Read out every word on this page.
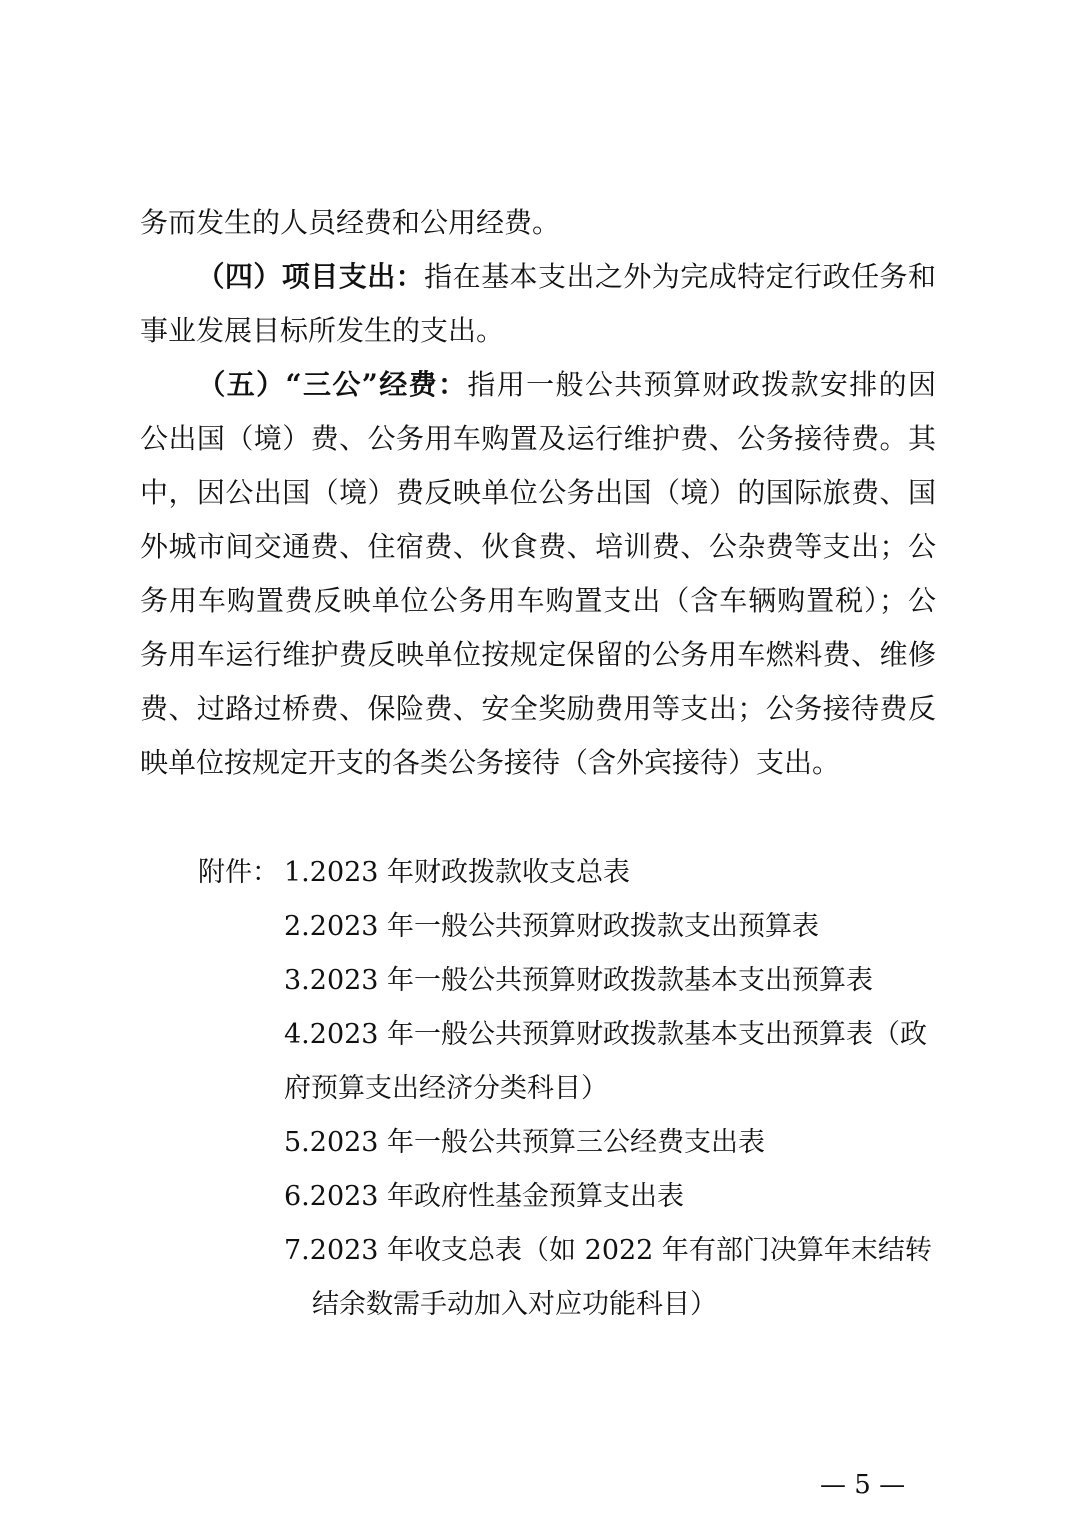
务而发生的人员经费和公用经费。
（四）项目支出：指在基本支出之外为完成特定行政任务和
事业发展目标所发生的支出。
（五）“三公”经费：指用一般公共预算财政拨款安排的因
公出国（境）费、公务用车购置及运行维护费、公务接待费。其
中，因公出国（境）费反映单位公务出国（境）的国际旅费、国
外城市间交通费、住宿费、伙食费、培训费、公杂费等支出；公
务用车购置费反映单位公务用车购置支出（含车辆购置税）；公
务用车运行维护费反映单位按规定保留的公务用车燃料费、维修
费、过路过桥费、保险费、安全奖励费用等支出；公务接待费反
映单位按规定开支的各类公务接待（含外宾接待）支出。
附件： 1.2023 年财政拨款收支总表
2.2023 年一般公共预算财政拨款支出预算表
3.2023 年一般公共预算财政拨款基本支出预算表
4.2023 年一般公共预算财政拨款基本支出预算表（政
府预算支出经济分类科目）
5.2023 年一般公共预算三公经费支出表
6.2023 年政府性基金预算支出表
7.2023 年收支总表（如 2022 年有部门决算年末结转
结余数需手动加入对应功能科目）
— 5 —
